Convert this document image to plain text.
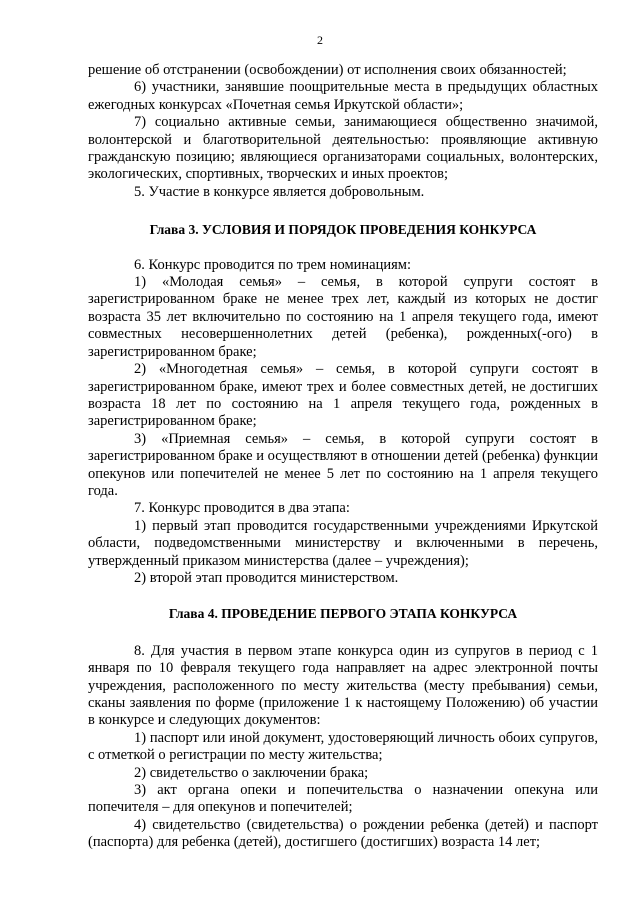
2

решение об отстранении (освобождении) от исполнения своих обязанностей;

6) участники, занявшие поощрительные места в предыдущих областных ежегодных конкурсах «Почетная семья Иркутской области»;

7) социально активные семьи, занимающиеся общественно значимой, волонтерской и благотворительной деятельностью: проявляющие активную гражданскую позицию; являющиеся организаторами социальных, волонтерских, экологических, спортивных, творческих и иных проектов;

5. Участие в конкурсе является добровольным.

Глава 3. УСЛОВИЯ И ПОРЯДОК ПРОВЕДЕНИЯ КОНКУРСА

6. Конкурс проводится по трем номинациям:

1) «Молодая семья» – семья, в которой супруги состоят в зарегистрированном браке не менее трех лет, каждый из которых не достиг возраста 35 лет включительно по состоянию на 1 апреля текущего года, имеют совместных несовершеннолетних детей (ребенка), рожденных(-ого) в зарегистрированном браке;

2) «Многодетная семья» – семья, в которой супруги состоят в зарегистрированном браке, имеют трех и более совместных детей, не достигших возраста 18 лет по состоянию на 1 апреля текущего года, рожденных в зарегистрированном браке;

3) «Приемная семья» – семья, в которой супруги состоят в зарегистрированном браке и осуществляют в отношении детей (ребенка) функции опекунов или попечителей не менее 5 лет по состоянию на 1 апреля текущего года.

7. Конкурс проводится в два этапа:

1) первый этап проводится государственными учреждениями Иркутской области, подведомственными министерству и включенными в перечень, утвержденный приказом министерства (далее – учреждения);

2) второй этап проводится министерством.

Глава 4. ПРОВЕДЕНИЕ ПЕРВОГО ЭТАПА КОНКУРСА

8. Для участия в первом этапе конкурса один из супругов в период с 1 января по 10 февраля текущего года направляет на адрес электронной почты учреждения, расположенного по месту жительства (месту пребывания) семьи, сканы заявления по форме (приложение 1 к настоящему Положению) об участии в конкурсе и следующих документов:

1) паспорт или иной документ, удостоверяющий личность обоих супругов, с отметкой о регистрации по месту жительства;

2) свидетельство о заключении брака;

3) акт органа опеки и попечительства о назначении опекуна или попечителя – для опекунов и попечителей;

4) свидетельство (свидетельства) о рождении ребенка (детей) и паспорт (паспорта) для ребенка (детей), достигшего (достигших) возраста 14 лет;
